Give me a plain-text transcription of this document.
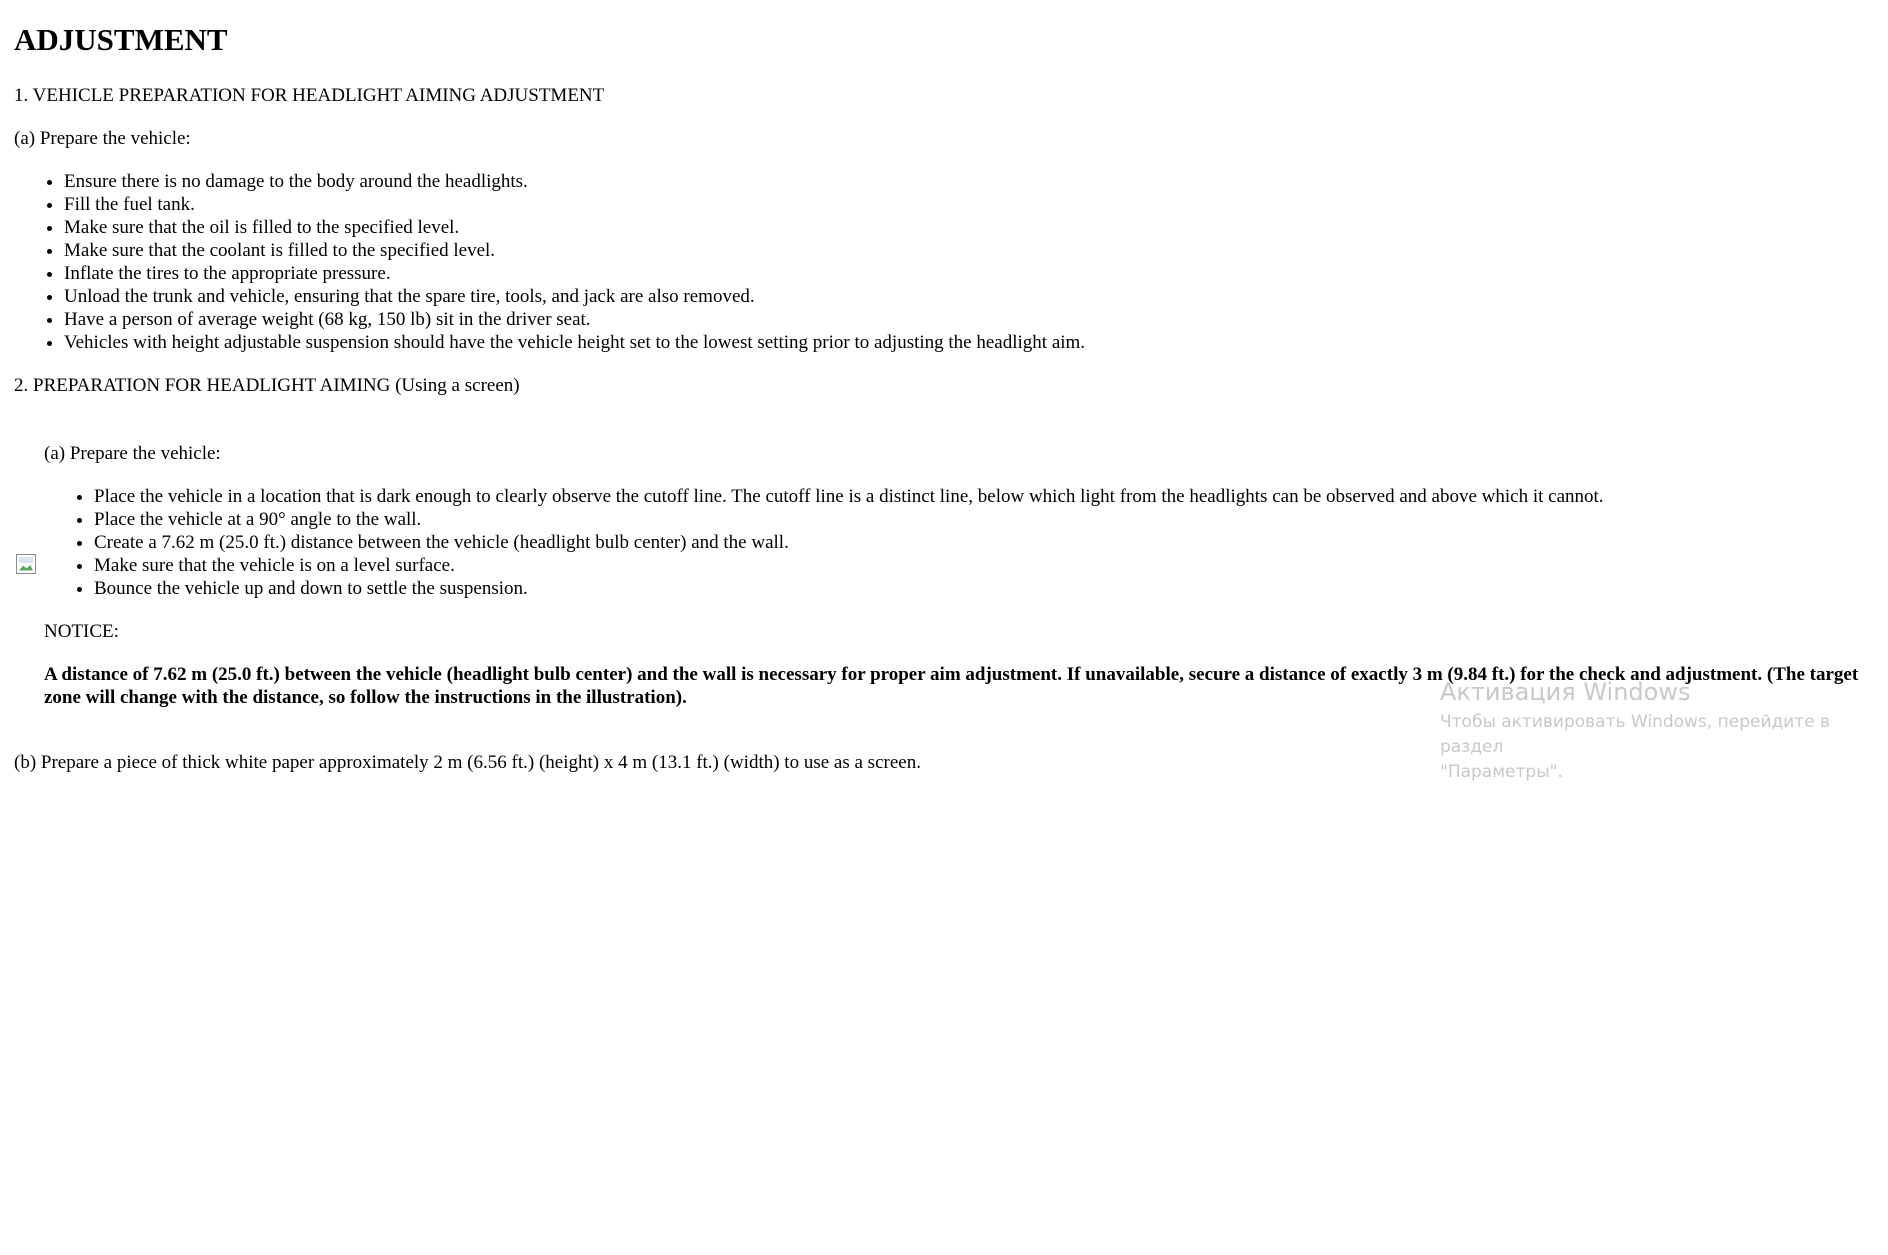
ADJUSTMENT

1. VEHICLE PREPARATION FOR HEADLIGHT AIMING ADJUSTMENT

(a) Prepare the vehicle:

• Ensure there is no damage to the body around the headlights.
• Fill the fuel tank.
• Make sure that the oil is filled to the specified level.
• Make sure that the coolant is filled to the specified level.
• Inflate the tires to the appropriate pressure.
• Unload the trunk and vehicle, ensuring that the spare tire, tools, and jack are also removed.
• Have a person of average weight (68 kg, 150 lb) sit in the driver seat.
• Vehicles with height adjustable suspension should have the vehicle height set to the lowest setting prior to adjusting the headlight aim.

2. PREPARATION FOR HEADLIGHT AIMING (Using a screen)

(a) Prepare the vehicle:

• Place the vehicle in a location that is dark enough to clearly observe the cutoff line. The cutoff line is a distinct line, below which light from the headlights can be observed and above which it cannot.
• Place the vehicle at a 90° angle to the wall.
• Create a 7.62 m (25.0 ft.) distance between the vehicle (headlight bulb center) and the wall.
• Make sure that the vehicle is on a level surface.
• Bounce the vehicle up and down to settle the suspension.

NOTICE:

A distance of 7.62 m (25.0 ft.) between the vehicle (headlight bulb center) and the wall is necessary for proper aim adjustment. If unavailable, secure a distance of exactly 3 m (9.84 ft.) for the check and adjustment. (The target zone will change with the distance, so follow the instructions in the illustration).

(b) Prepare a piece of thick white paper approximately 2 m (6.56 ft.) (height) x 4 m (13.1 ft.) (width) to use as a screen.

Активация Windows
Чтобы активировать Windows, перейдите в раздел
"Параметры".
